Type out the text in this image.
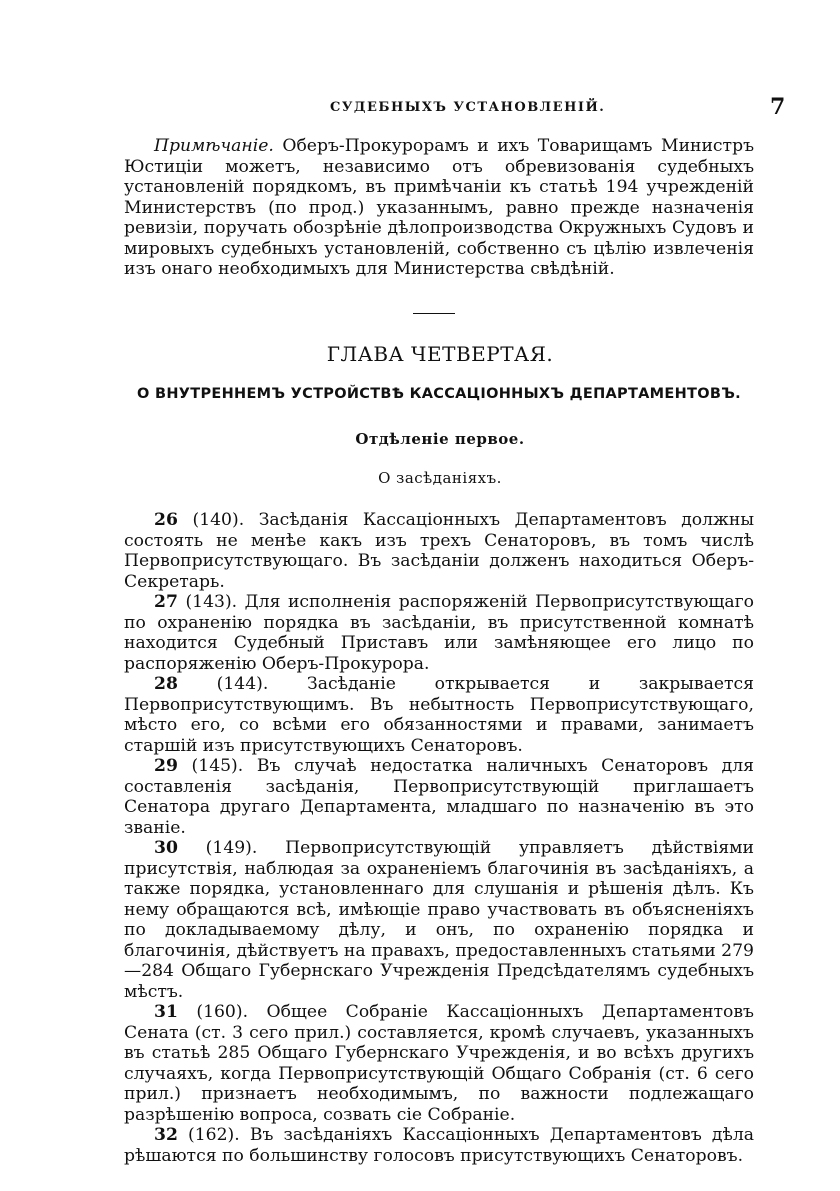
СУДЕБНЫХЪ УСТАНОВЛЕНІЙ.	7

Примѣчаніе. Оберъ-Прокурорамъ и ихъ Товарищамъ Министръ Юстиціи можетъ, независимо отъ обревизованія судебныхъ установленій порядкомъ, въ примѣчаніи къ статьѣ 194 учрежденій Министерствъ (по прод.) указаннымъ, равно прежде назначенія ревизіи, поручать обозрѣніе дѣлопроизводства Окружныхъ Судовъ и мировыхъ судебныхъ установленій, собственно съ цѣлію извлеченія изъ онаго необходимыхъ для Министерства свѣдѣній.

ГЛАВА ЧЕТВЕРТАЯ.
О ВНУТРЕННЕМЪ УСТРОЙСТВѢ КАССАЦІОННЫХЪ ДЕПАРТАМЕНТОВЪ.
Отдѣленіе первое.
О засѣданіяхъ.

26 (140). Засѣданія Кассаціонныхъ Департаментовъ должны состоять не менѣе какъ изъ трехъ Сенаторовъ, въ томъ числѣ Первоприсутствующаго. Въ засѣданіи долженъ находиться Оберъ-Секретарь.

27 (143). Для исполненія распоряженій Первоприсутствующаго по охраненію порядка въ засѣданіи, въ присутственной комнатѣ находится Судебный Приставъ или замѣняющее его лицо по распоряженію Оберъ-Прокурора.

28 (144). Засѣданіе открывается и закрывается Первоприсутствующимъ. Въ небытность Первоприсутствующаго, мѣсто его, со всѣми его обязанностями и правами, занимаетъ старшій изъ присутствующихъ Сенаторовъ.

29 (145). Въ случаѣ недостатка наличныхъ Сенаторовъ для составленія засѣданія, Первоприсутствующій приглашаетъ Сенатора другаго Департамента, младшаго по назначенію въ это званіе.

30 (149). Первоприсутствующій управляетъ дѣйствіями присутствія, наблюдая за охраненіемъ благочинія въ засѣданіяхъ, а также порядка, установленнаго для слушанія и рѣшенія дѣлъ. Къ нему обращаются всѣ, имѣющіе право участвовать въ объясненіяхъ по докладываемому дѣлу, и онъ, по охраненію порядка и благочинія, дѣйствуетъ на правахъ, предоставленныхъ статьями 279—284 Общаго Губернскаго Учрежденія Предсѣдателямъ судебныхъ мѣстъ.

31 (160). Общее Собраніе Кассаціонныхъ Департаментовъ Сената (ст. 3 сего прил.) составляется, кромѣ случаевъ, указанныхъ въ статьѣ 285 Общаго Губернскаго Учрежденія, и во всѣхъ другихъ случаяхъ, когда Первоприсутствующій Общаго Собранія (ст. 6 сего прил.) признаетъ необходимымъ, по важности подлежащаго разрѣшенію вопроса, созвать сіе Собраніе.

32 (162). Въ засѣданіяхъ Кассаціонныхъ Департаментовъ дѣла рѣшаются по большинству голосовъ присутствующихъ Сенаторовъ.
